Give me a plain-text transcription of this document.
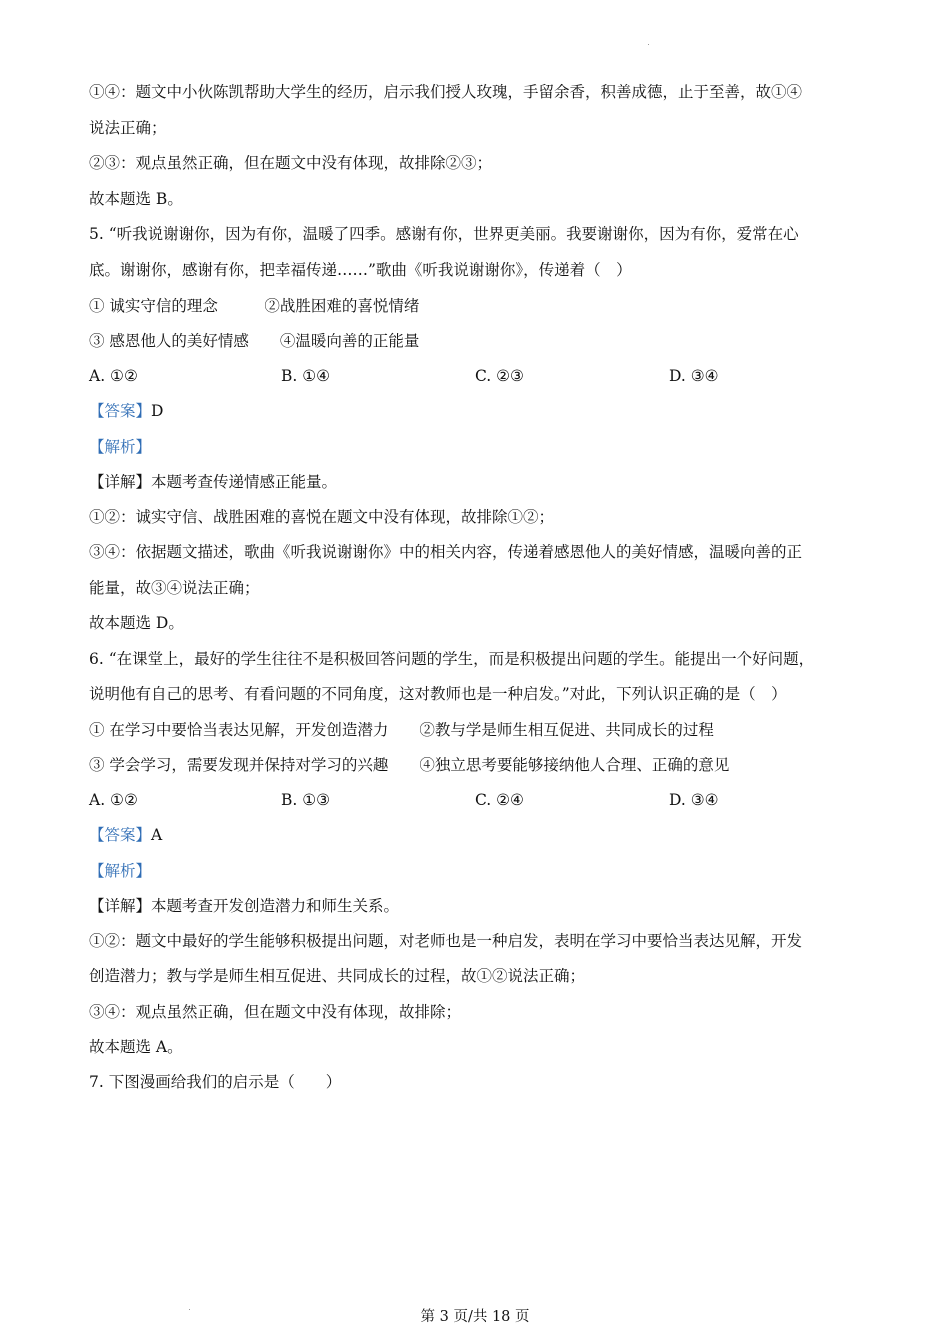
①④：题文中小伙陈凯帮助大学生的经历，启示我们授人玫瑰，手留余香，积善成德，止于至善，故①④
说法正确；
②③：观点虽然正确，但在题文中没有体现，故排除②③；
故本题选 B。
5. “听我说谢谢你，因为有你，温暖了四季。感谢有你，世界更美丽。我要谢谢你，因为有你，爱常在心
底。谢谢你，感谢有你，把幸福传递……”歌曲《听我说谢谢你》，传递着（　）
① 诚实守信的理念　　　②战胜困难的喜悦情绪
③ 感恩他人的美好情感　　④温暖向善的正能量
A. ①②	B. ①④	C. ②③	D. ③④
【答案】D
【解析】
【详解】本题考查传递情感正能量。
①②：诚实守信、战胜困难的喜悦在题文中没有体现，故排除①②；
③④：依据题文描述，歌曲《听我说谢谢你》中的相关内容，传递着感恩他人的美好情感，温暖向善的正
能量，故③④说法正确；
故本题选 D。
6. “在课堂上，最好的学生往往不是积极回答问题的学生，而是积极提出问题的学生。能提出一个好问题，
说明他有自己的思考、有看问题的不同角度，这对教师也是一种启发。”对此，下列认识正确的是（　）
① 在学习中要恰当表达见解，开发创造潜力　　②教与学是师生相互促进、共同成长的过程
③ 学会学习，需要发现并保持对学习的兴趣　　④独立思考要能够接纳他人合理、正确的意见
A. ①②	B. ①③	C. ②④	D. ③④
【答案】A
【解析】
【详解】本题考查开发创造潜力和师生关系。
①②：题文中最好的学生能够积极提出问题，对老师也是一种启发，表明在学习中要恰当表达见解，开发
创造潜力；教与学是师生相互促进、共同成长的过程，故①②说法正确；
③④：观点虽然正确，但在题文中没有体现，故排除；
故本题选 A。
7. 下图漫画给我们的启示是（　　）
第 3 页/共 18 页
